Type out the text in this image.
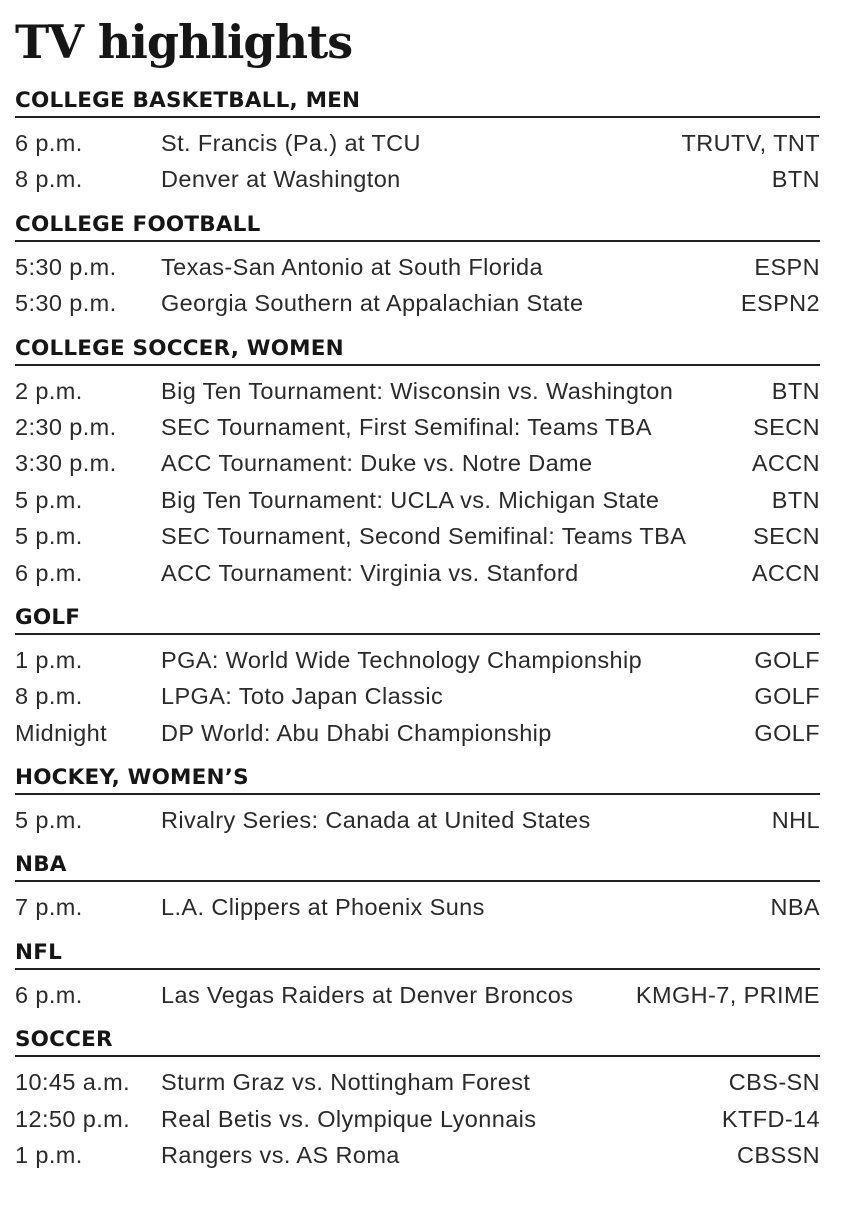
TV highlights
COLLEGE BASKETBALL, MEN
6 p.m.	St. Francis (Pa.) at TCU	TRUTV, TNT
8 p.m.	Denver at Washington	BTN
COLLEGE FOOTBALL
5:30 p.m.	Texas-San Antonio at South Florida	ESPN
5:30 p.m.	Georgia Southern at Appalachian State	ESPN2
COLLEGE SOCCER, WOMEN
2 p.m.	Big Ten Tournament: Wisconsin vs. Washington	BTN
2:30 p.m.	SEC Tournament, First Semifinal: Teams TBA	SECN
3:30 p.m.	ACC Tournament: Duke vs. Notre Dame	ACCN
5 p.m.	Big Ten Tournament: UCLA vs. Michigan State	BTN
5 p.m.	SEC Tournament, Second Semifinal: Teams TBA	SECN
6 p.m.	ACC Tournament: Virginia vs. Stanford	ACCN
GOLF
1 p.m.	PGA: World Wide Technology Championship	GOLF
8 p.m.	LPGA: Toto Japan Classic	GOLF
Midnight	DP World: Abu Dhabi Championship	GOLF
HOCKEY, WOMEN’S
5 p.m.	Rivalry Series: Canada at United States	NHL
NBA
7 p.m.	L.A. Clippers at Phoenix Suns	NBA
NFL
6 p.m.	Las Vegas Raiders at Denver Broncos	KMGH-7, PRIME
SOCCER
10:45 a.m.	Sturm Graz vs. Nottingham Forest	CBS-SN
12:50 p.m.	Real Betis vs. Olympique Lyonnais	KTFD-14
1 p.m.	Rangers vs. AS Roma	CBSSN
